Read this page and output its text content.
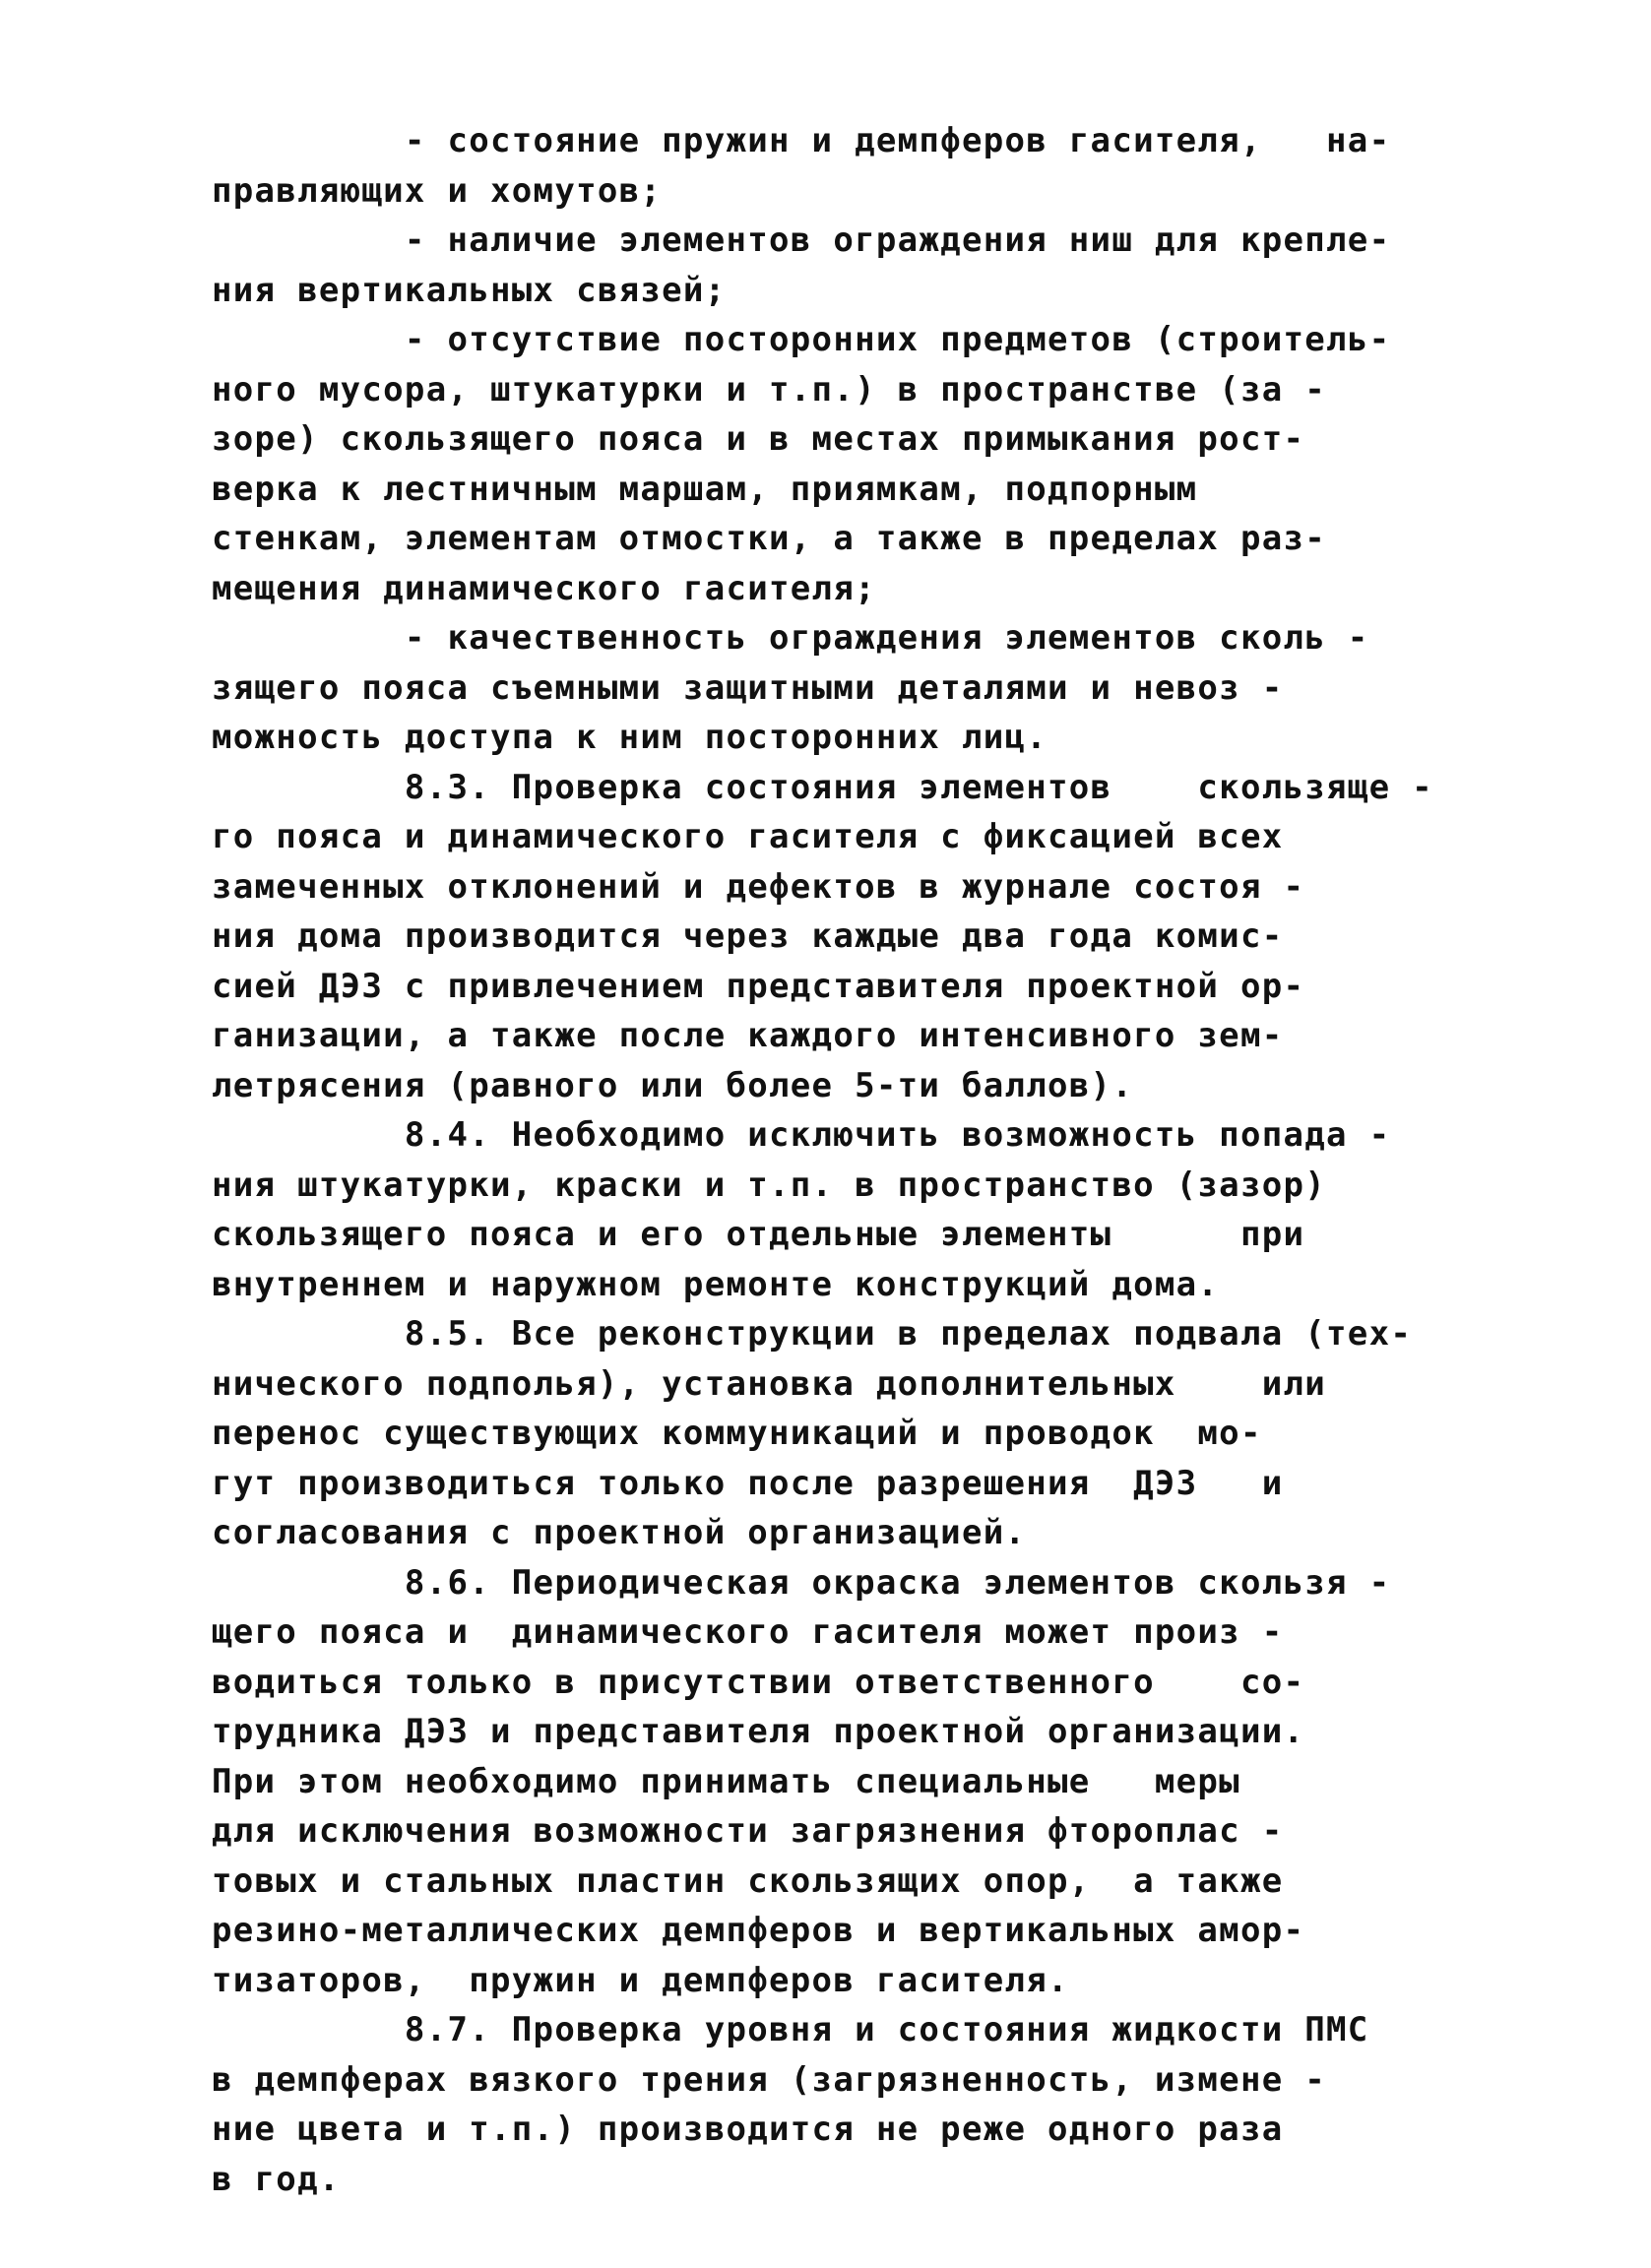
- состояние пружин и демпферов гасителя,   на-
правляющих и хомутов;
- наличие элементов ограждения ниш для крепле-
ния вертикальных связей;
- отсутствие посторонних предметов (строитель-
ного мусора, штукатурки и т.п.) в пространстве (за -
зоре) скользящего пояса и в местах примыкания рост-
верка к лестничным маршам, приямкам, подпорным
стенкам, элементам отмостки, а также в пределах раз-
мещения динамического гасителя;
- качественность ограждения элементов сколь -
зящего пояса съемными защитными деталями и невоз -
можность доступа к ним посторонних лиц.
8.3. Проверка состояния элементов    скользяще -
го пояса и динамического гасителя с фиксацией всех
замеченных отклонений и дефектов в журнале состоя -
ния дома производится через каждые два года комис-
сией ДЭЗ с привлечением представителя проектной ор-
ганизации, а также после каждого интенсивного зем-
летрясения (равного или более 5-ти баллов).
8.4. Необходимо исключить возможность попада -
ния штукатурки, краски и т.п. в пространство (зазор)
скользящего пояса и его отдельные элементы      при
внутреннем и наружном ремонте конструкций дома.
8.5. Все реконструкции в пределах подвала (тех-
нического подполья), установка дополнительных    или
перенос существующих коммуникаций и проводок  мо-
гут производиться только после разрешения  ДЭЗ   и
согласования с проектной организацией.
8.6. Периодическая окраска элементов скользя -
щего пояса и  динамического гасителя может произ -
водиться только в присутствии ответственного    со-
трудника ДЭЗ и представителя проектной организации.
При этом необходимо принимать специальные   меры
для исключения возможности загрязнения фторoплас -
товых и стальных пластин скользящих опор,  а также
резино-металлических демпферов и вертикальных амор-
тизаторов,  пружин и демпферов гасителя.
8.7. Проверка уровня и состояния жидкости ПМС
в демпферах вязкого трения (загрязненность, измене -
ние цвета и т.п.) производится не реже одного раза
в год.
